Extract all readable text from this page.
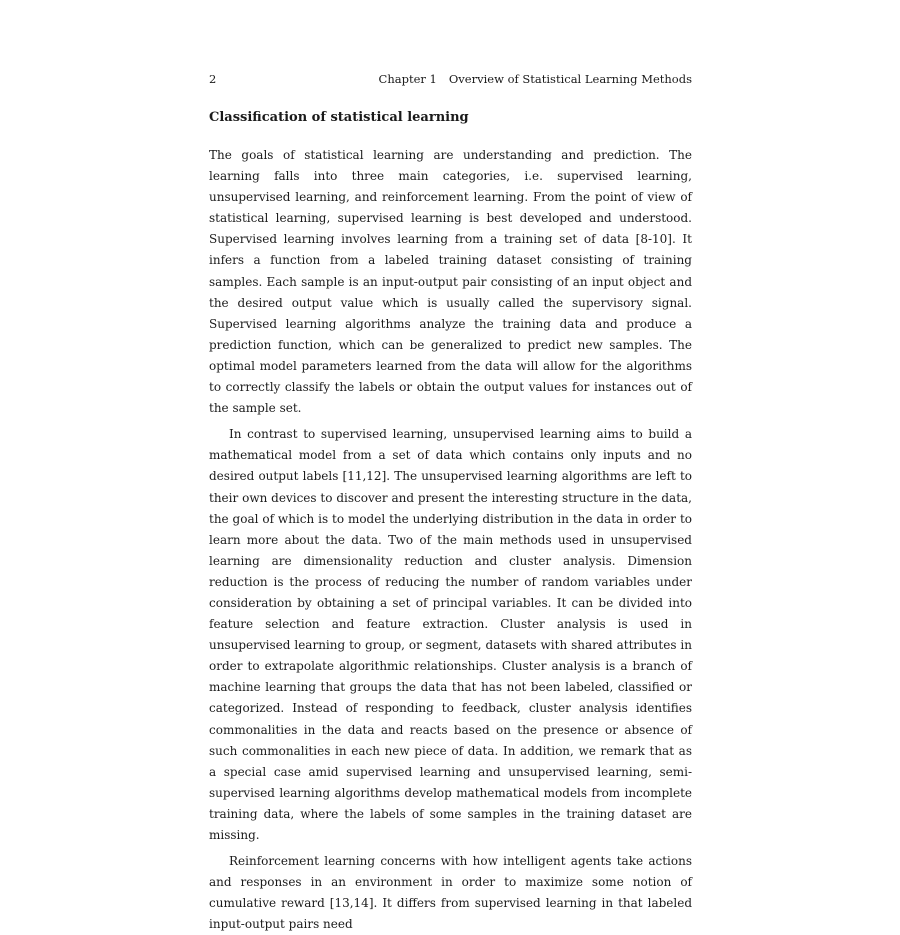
2	Chapter 1 Overview of Statistical Learning Methods
Classification of statistical learning

The goals of statistical learning are understanding and prediction. The learning falls into three main categories, i.e. supervised learning, unsupervised learning, and reinforcement learning. From the point of view of statistical learning, supervised learning is best developed and understood. Supervised learning involves learning from a training set of data [8-10]. It infers a function from a labeled training dataset consisting of training samples. Each sample is an input-output pair consisting of an input object and the desired output value which is usually called the supervisory signal. Supervised learning algorithms analyze the training data and produce a prediction function, which can be generalized to predict new samples. The optimal model parameters learned from the data will allow for the algorithms to correctly classify the labels or obtain the output values for instances out of the sample set.

In contrast to supervised learning, unsupervised learning aims to build a mathematical model from a set of data which contains only inputs and no desired output labels [11,12]. The unsupervised learning algorithms are left to their own devices to discover and present the interesting structure in the data, the goal of which is to model the underlying distribution in the data in order to learn more about the data. Two of the main methods used in unsupervised learning are dimensionality reduction and cluster analysis. Dimension reduction is the process of reducing the number of random variables under consideration by obtaining a set of principal variables. It can be divided into feature selection and feature extraction. Cluster analysis is used in unsupervised learning to group, or segment, datasets with shared attributes in order to extrapolate algorithmic relationships. Cluster analysis is a branch of machine learning that groups the data that has not been labeled, classified or categorized. Instead of responding to feedback, cluster analysis identifies commonalities in the data and reacts based on the presence or absence of such commonalities in each new piece of data. In addition, we remark that as a special case amid supervised learning and unsupervised learning, semi-supervised learning algorithms develop mathematical models from incomplete training data, where the labels of some samples in the training dataset are missing.

Reinforcement learning concerns with how intelligent agents take actions and responses in an environment in order to maximize some notion of cumulative reward [13,14]. It differs from supervised learning in that labeled input-output pairs need
